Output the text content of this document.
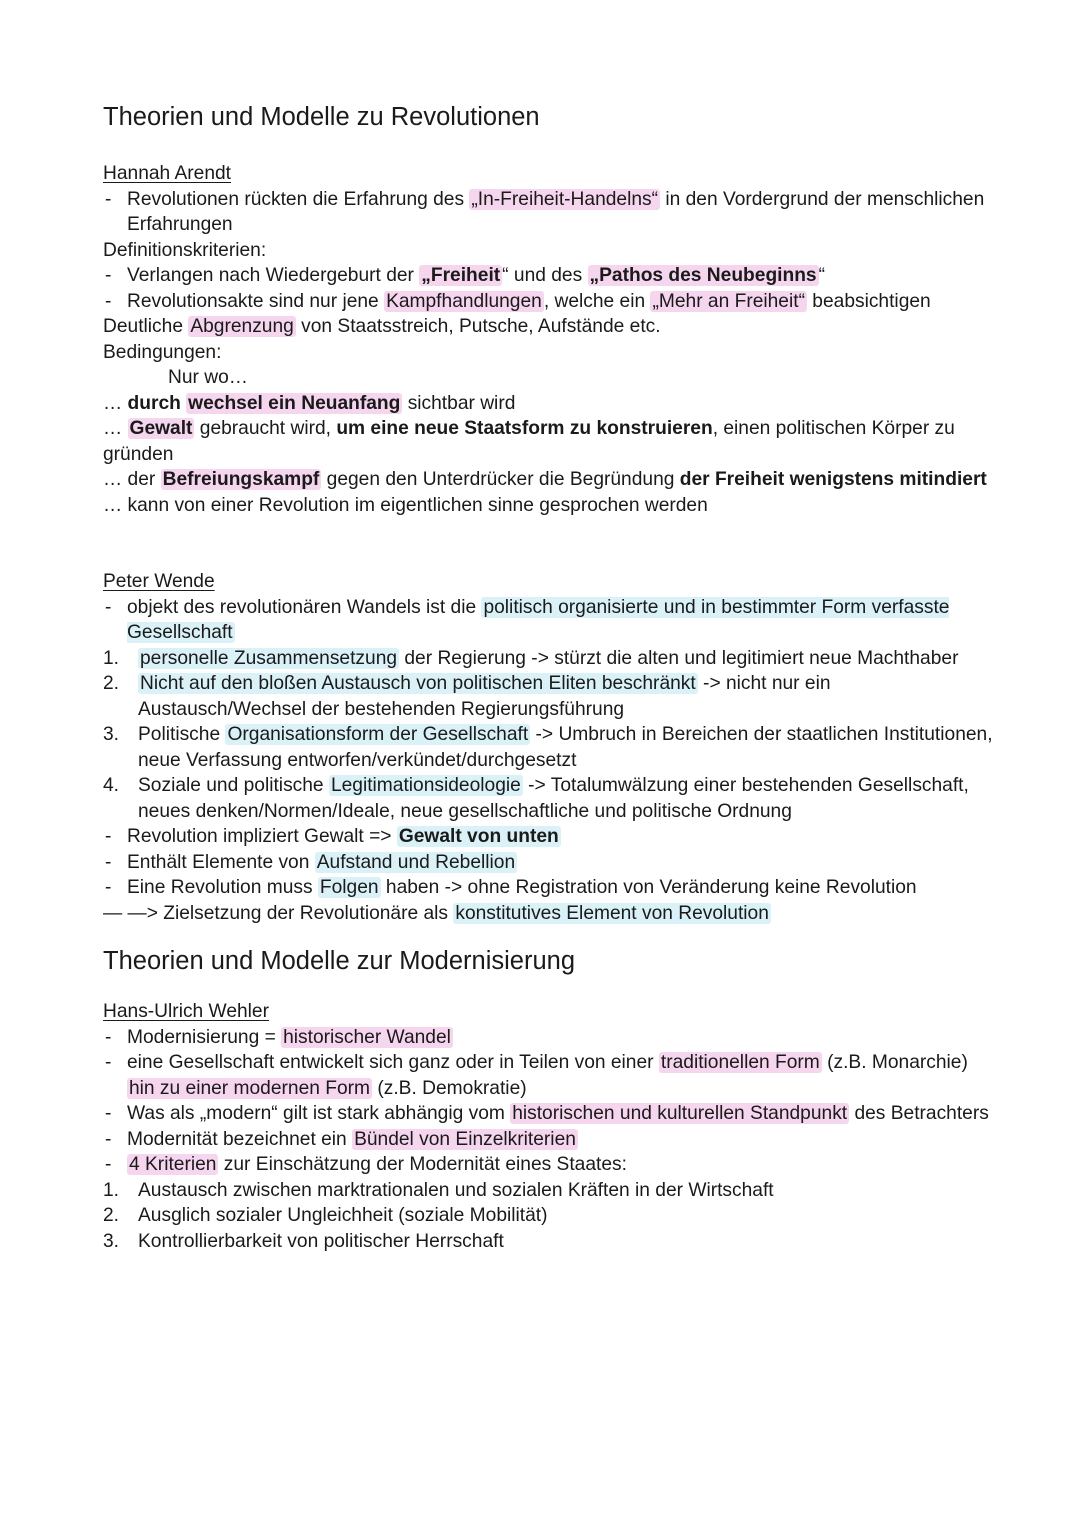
Theorien und Modelle zu Revolutionen

Hannah Arendt

- Revolutionen rückten die Erfahrung des „In-Freiheit-Handelns“ in den Vordergrund der menschlichen Erfahrungen

Definitionskriterien:

- Verlangen nach Wiedergeburt der „Freiheit “ und des „Pathos des Neubeginns “

- Revolutionsakte sind nur jene Kampfhandlungen , welche ein „Mehr an Freiheit“ beabsichtigen

Deutliche Abgrenzung von Staatsstreich, Putsche, Aufstände etc.

Bedingungen:

Nur wo…

… durch wechsel ein Neuanfang sichtbar wird

… Gewalt gebraucht wird, um eine neue Staatsform zu konstruieren, einen politischen Körper zu gründen

… der Befreiungskampf gegen den Unterdrücker die Begründung der Freiheit wenigstens mitindiert

… kann von einer Revolution im eigentlichen sinne gesprochen werden

Peter Wende

- objekt des revolutionären Wandels ist die politisch organisierte und in bestimmter Form verfasste Gesellschaft

1. personelle Zusammensetzung der Regierung -> stürzt die alten und legitimiert neue Machthaber

2. Nicht auf den bloßen Austausch von politischen Eliten beschränkt -> nicht nur ein Austausch/Wechsel der bestehenden Regierungsführung

3. Politische Organisationsform der Gesellschaft -> Umbruch in Bereichen der staatlichen Institutionen, neue Verfassung entworfen/verkündet/durchgesetzt

4. Soziale und politische Legitimationsideologie -> Totalumwälzung einer bestehenden Gesellschaft, neues denken/Normen/Ideale, neue gesellschaftliche und politische Ordnung

- Revolution impliziert Gewalt => Gewalt von unten

- Enthält Elemente von Aufstand und Rebellion

- Eine Revolution muss Folgen haben -> ohne Registration von Veränderung keine Revolution

— —> Zielsetzung der Revolutionäre als konstitutives Element von Revolution

Theorien und Modelle zur Modernisierung

Hans-Ulrich Wehler

- Modernisierung = historischer Wandel

- eine Gesellschaft entwickelt sich ganz oder in Teilen von einer traditionellen Form (z.B. Monarchie) hin zu einer modernen Form (z.B. Demokratie)

- Was als „modern“ gilt ist stark abhängig vom historischen und kulturellen Standpunkt des Betrachters

- Modernität bezeichnet ein Bündel von Einzelkriterien

- 4 Kriterien zur Einschätzung der Modernität eines Staates:

1. Austausch zwischen marktrationalen und sozialen Kräften in der Wirtschaft

2. Ausglich sozialer Ungleichheit (soziale Mobilität)

3. Kontrollierbarkeit von politischer Herrschaft
